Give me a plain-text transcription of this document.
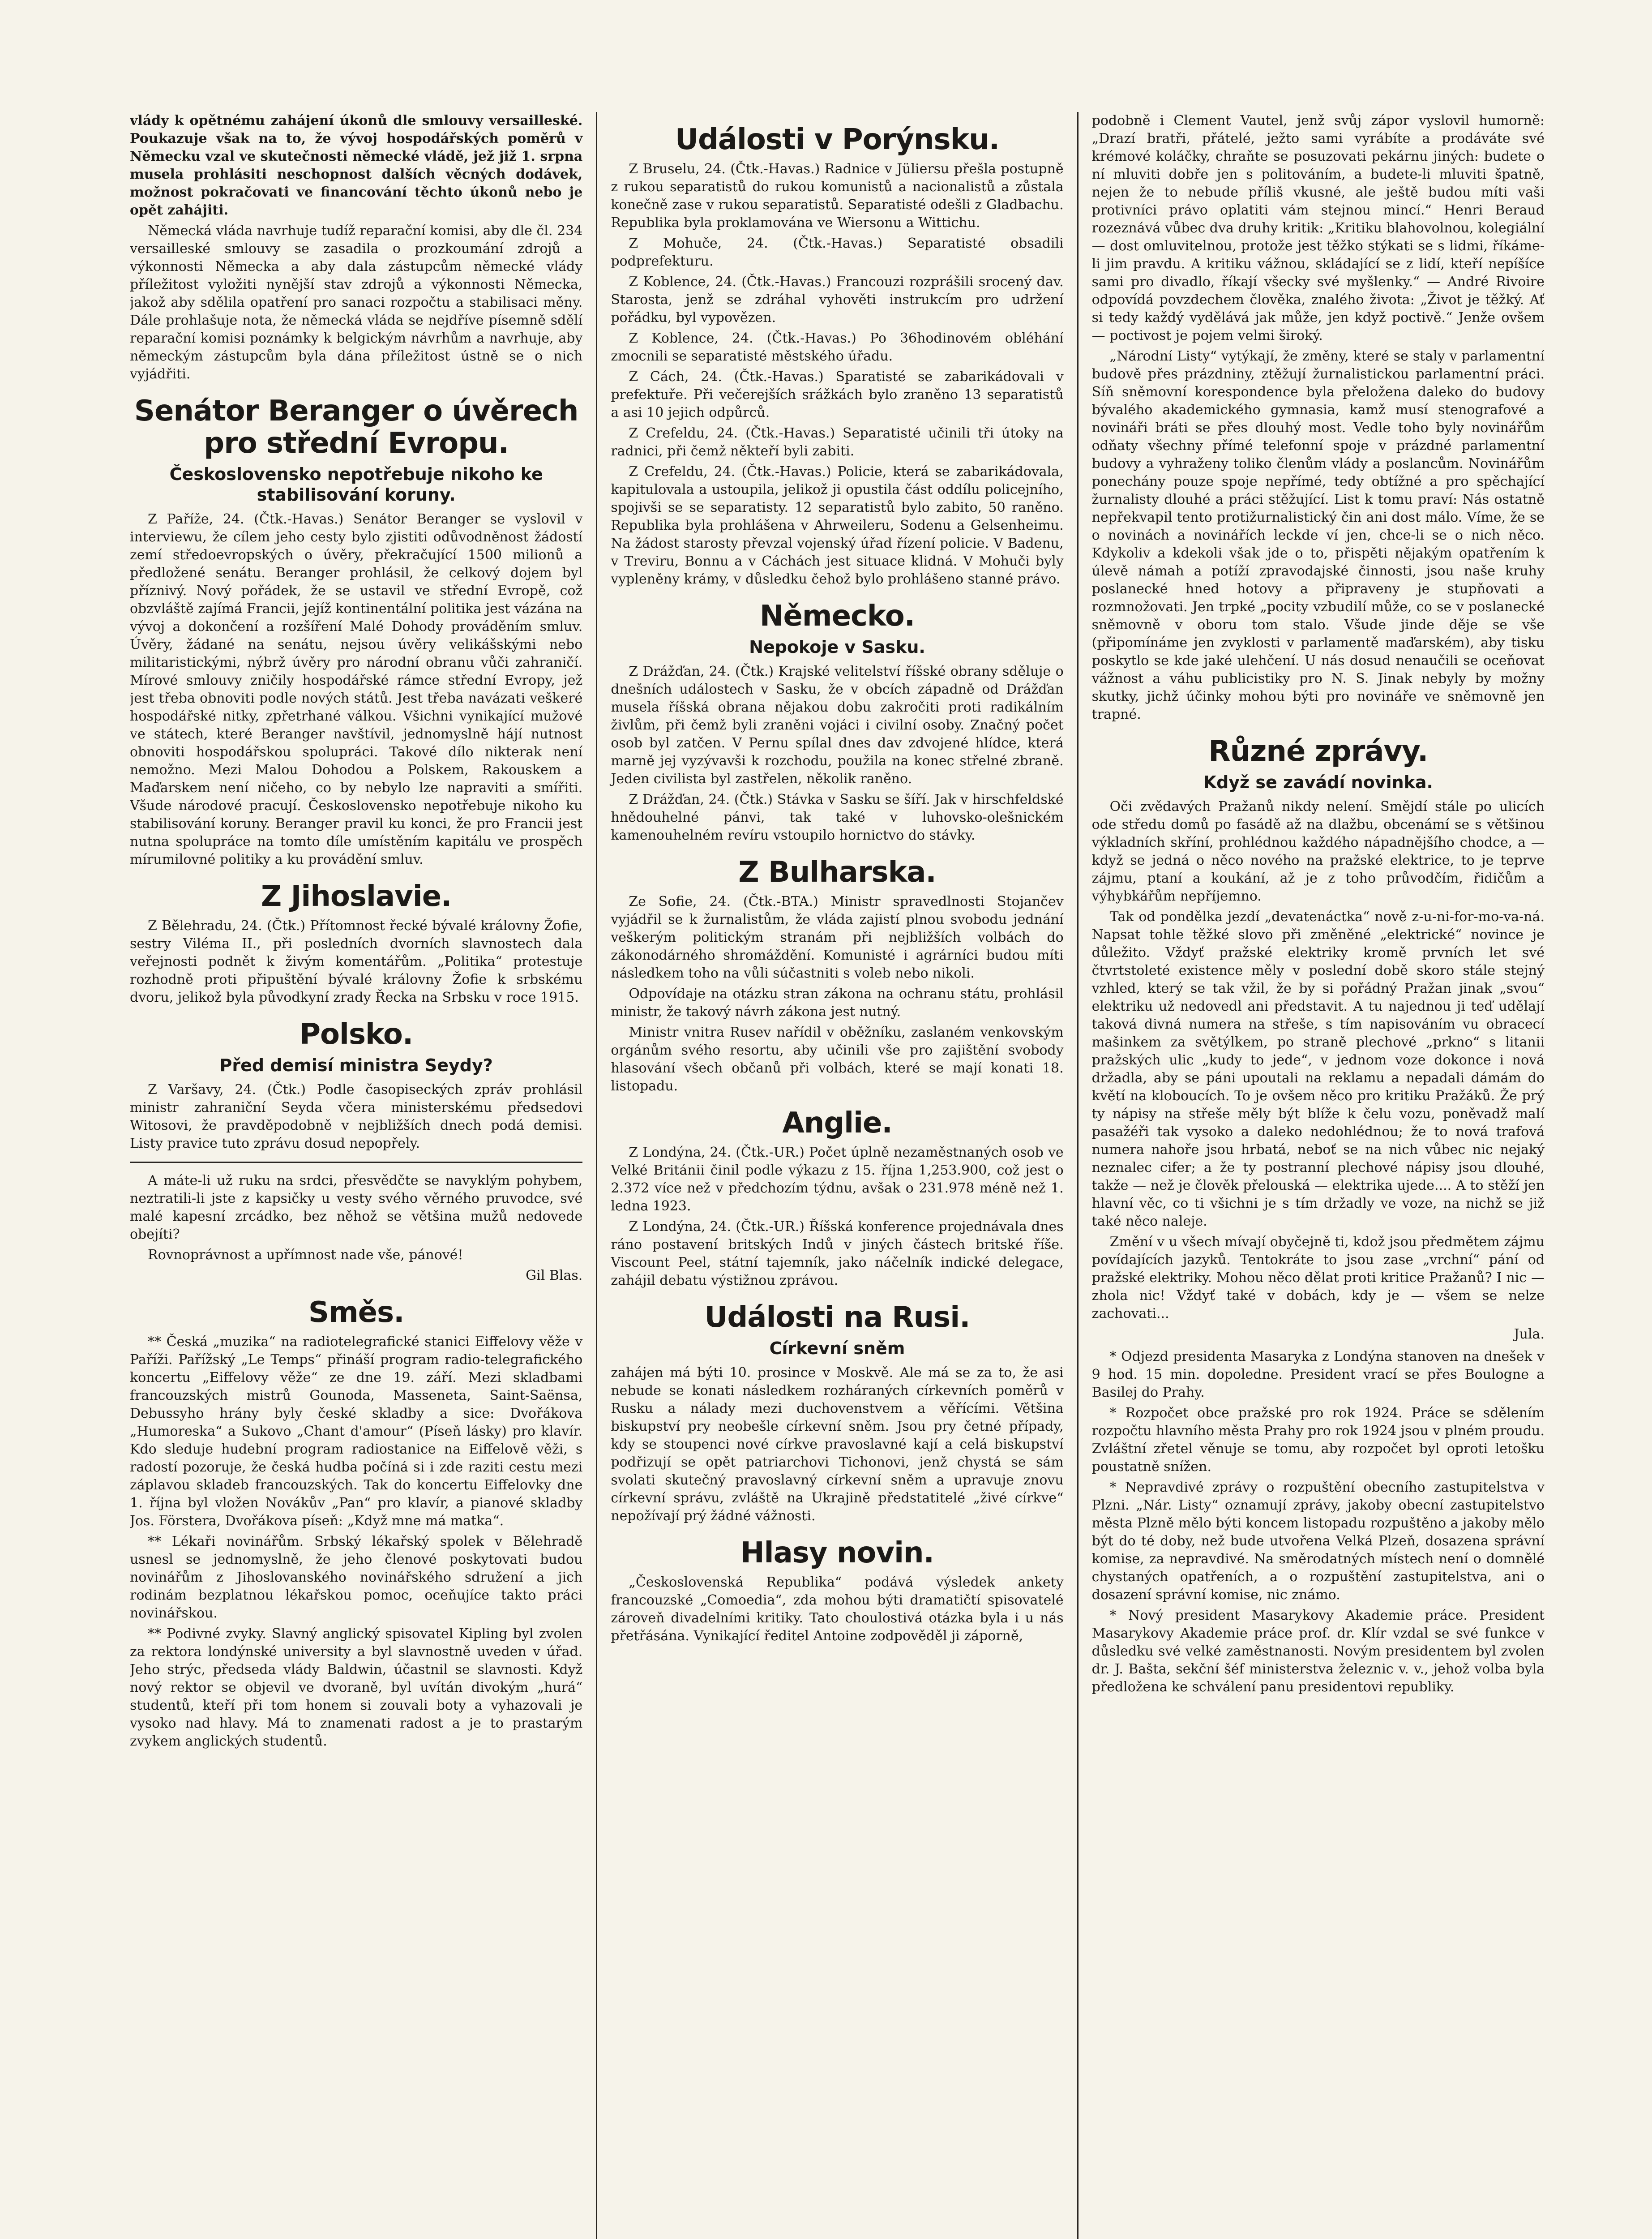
vlády k opětnému zahájení úkonů dle smlouvy versailleské. Poukazuje však na to, že vývoj hospodářských poměrů v Německu vzal ve skutečnosti německé vládě, jež již 1. srpna musela prohlásiti neschopnost dalších věcných dodávek, možnost pokračovati ve financování těchto úkonů nebo je opět zahájiti.

Německá vláda navrhuje tudíž reparační komisi, aby dle čl. 234 versailleské smlouvy se zasadila o prozkoumání zdrojů a výkonnosti Německa a aby dala zástupcům německé vlády příležitost vyložiti nynější stav zdrojů a výkonnosti Německa, jakož aby sdělila opatření pro sanaci rozpočtu a stabilisaci měny. Dále prohlašuje nota, že německá vláda se nejdříve písemně sdělí reparační komisi poznámky k belgickým návrhům a navrhuje, aby německým zástupcům byla dána příležitost ústně se o nich vyjádřiti.

Senátor Beranger o úvěrech pro střední Evropu.
Československo nepotřebuje nikoho ke stabilisování koruny.

Z Paříže, 24. (Čtk.-Havas.) Senátor Beranger se vyslovil v interviewu, že cílem jeho cesty bylo zjistiti odůvodněnost žádostí zemí středoevropských o úvěry, překračující 1500 milionů a předložené senátu. Beranger prohlásil, že celkový dojem byl příznivý. Nový pořádek, že se ustavil ve střední Evropě, což obzvláště zajímá Francii, jejíž kontinentální politika jest vázána na vývoj a dokončení a rozšíření Malé Dohody prováděním smluv. Úvěry, žádané na senátu, nejsou úvěry velikášskými nebo militaristickými, nýbrž úvěry pro národní obranu vůči zahraničí. Mírové smlouvy zničily hospodářské rámce střední Evropy, jež jest třeba obnoviti podle nových států. Jest třeba navázati veškeré hospodářské nitky, zpřetrhané válkou. Všichni vynikající mužové ve státech, které Beranger navštívil, jednomyslně hájí nutnost obnoviti hospodářskou spolupráci. Takové dílo nikterak není nemožno. Mezi Malou Dohodou a Polskem, Rakouskem a Maďarskem není ničeho, co by nebylo lze napraviti a smířiti. Všude národové pracují. Československo nepotřebuje nikoho ku stabilisování koruny. Beranger pravil ku konci, že pro Francii jest nutna spolupráce na tomto díle umístěním kapitálu ve prospěch mírumilovné politiky a ku provádění smluv.

Z Jihoslavie.

Z Bělehradu, 24. (Čtk.) Přítomnost řecké bývalé královny Žofie, sestry Viléma II., při posledních dvorních slavnostech dala veřejnosti podnět k živým komentářům. „Politika“ protestuje rozhodně proti připuštění bývalé královny Žofie k srbskému dvoru, jelikož byla původkyní zrady Řecka na Srbsku v roce 1915.

Polsko.
Před demisí ministra Seydy?

Z Varšavy, 24. (Čtk.) Podle časopiseckých zpráv prohlásil ministr zahraniční Seyda včera ministerskému předsedovi Witosovi, že pravděpodobně v nejbližších dnech podá demisi. Listy pravice tuto zprávu dosud nepopřely.

A máte-li už ruku na srdci, přesvědčte se navyklým pohybem, neztratili-li jste z kapsičky u vesty svého věrného pruvodce, své malé kapesní zrcádko, bez něhož se většina mužů nedovede obejíti?

Rovnoprávnost a upřímnost nade vše, pánové!

Gil Blas.
Směs.

** Česká „muzika“ na radiotelegrafické stanici Eiffelovy věže v Paříži. Pařížský „Le Temps“ přináší program radio-telegrafického koncertu „Eiffelovy věže“ ze dne 19. září. Mezi skladbami francouzských mistrů Gounoda, Masseneta, Saint-Saënsa, Debussyho hrány byly české skladby a sice: Dvořákova „Humoreska“ a Sukovo „Chant d'amour“ (Píseň lásky) pro klavír. Kdo sleduje hudební program radiostanice na Eiffelově věži, s radostí pozoruje, že česká hudba počíná si i zde raziti cestu mezi záplavou skladeb francouzských. Tak do koncertu Eiffelovky dne 1. října byl vložen Novákův „Pan“ pro klavír, a pianové skladby Jos. Förstera, Dvořákova píseň: „Když mne má matka“.

** Lékaři novinářům. Srbský lékařský spolek v Bělehradě usnesl se jednomyslně, že jeho členové poskytovati budou novinářům z Jihoslovanského novinářského sdružení a jich rodinám bezplatnou lékařskou pomoc, oceňujíce takto práci novinářskou.

** Podivné zvyky. Slavný anglický spisovatel Kipling byl zvolen za rektora londýnské university a byl slavnostně uveden v úřad. Jeho strýc, předseda vlády Baldwin, účastnil se slavnosti. Když nový rektor se objevil ve dvoraně, byl uvítán divokým „hurá“ studentů, kteří při tom honem si zouvali boty a vyhazovali je vysoko nad hlavy. Má to znamenati radost a je to prastarým zvykem anglických studentů.

Události v Porýnsku.

Z Bruselu, 24. (Čtk.-Havas.) Radnice v Jüliersu přešla postupně z rukou separatistů do rukou komunistů a nacionalistů a zůstala konečně zase v rukou separatistů. Separatisté odešli z Gladbachu. Republika byla proklamována ve Wiersonu a Wittichu.

Z Mohuče, 24. (Čtk.-Havas.) Separatisté obsadili podprefekturu.

Z Koblence, 24. (Čtk.-Havas.) Francouzi rozprášili srocený dav. Starosta, jenž se zdráhal vyhověti instrukcím pro udržení pořádku, byl vypovězen.

Z Koblence, 24. (Čtk.-Havas.) Po 36hodinovém obléhání zmocnili se separatisté městského úřadu.

Z Cách, 24. (Čtk.-Havas.) Sparatisté se zabarikádovali v prefektuře. Při večerejších srážkách bylo zraněno 13 separatistů a asi 10 jejich odpůrců.

Z Crefeldu, 24. (Čtk.-Havas.) Separatisté učinili tři útoky na radnici, při čemž někteří byli zabiti.

Z Crefeldu, 24. (Čtk.-Havas.) Policie, která se zabarikádovala, kapitulovala a ustoupila, jelikož ji opustila část oddílu policejního, spojivši se se separatisty. 12 separatistů bylo zabito, 50 raněno. Republika byla prohlášena v Ahrweileru, Sodenu a Gelsenheimu. Na žádost starosty převzal vojenský úřad řízení policie. V Badenu, v Treviru, Bonnu a v Cáchách jest situace klidná. V Mohuči byly vypleněny krámy, v důsledku čehož bylo prohlášeno stanné právo.

Německo.
Nepokoje v Sasku.

Z Drážďan, 24. (Čtk.) Krajské velitelství říšské obrany sděluje o dnešních událostech v Sasku, že v obcích západně od Drážďan musela říšská obrana nějakou dobu zakročiti proti radikálním živlům, při čemž byli zraněni vojáci i civilní osoby. Značný počet osob byl zatčen. V Pernu spílal dnes dav zdvojené hlídce, která marně jej vyzývavši k rozchodu, použila na konec střelné zbraně. Jeden civilista byl zastřelen, několik raněno.

Z Drážďan, 24. (Čtk.) Stávka v Sasku se šíří. Jak v hirschfeldské hnědouhelné pánvi, tak také v luhovsko-olešnickém kamenouhelném revíru vstoupilo hornictvo do stávky.

Z Bulharska.

Ze Sofie, 24. (Čtk.-BTA.) Ministr spravedlnosti Stojančev vyjádřil se k žurnalistům, že vláda zajistí plnou svobodu jednání veškerým politickým stranám při nejbližších volbách do zákonodárného shromáždění. Komunisté i agrárníci budou míti následkem toho na vůli súčastniti s voleb nebo nikoli.

Odpovídaje na otázku stran zákona na ochranu státu, prohlásil ministr, že takový návrh zákona jest nutný.

Ministr vnitra Rusev nařídil v oběžníku, zaslaném venkovským orgánům svého resortu, aby učinili vše pro zajištění svobody hlasování všech občanů při volbách, které se mají konati 18. listopadu.

Anglie.

Z Londýna, 24. (Čtk.-UR.) Počet úplně nezaměstnaných osob ve Velké Británii činil podle výkazu z 15. října 1,253.900, což jest o 2.372 více než v předchozím týdnu, avšak o 231.978 méně než 1. ledna 1923.

Z Londýna, 24. (Čtk.-UR.) Říšská konference projednávala dnes ráno postavení britských Indů v jiných částech britské říše. Viscount Peel, státní tajemník, jako náčelník indické delegace, zahájil debatu výstižnou zprávou.

Události na Rusi.
Církevní sněm

zahájen má býti 10. prosince v Moskvě. Ale má se za to, že asi nebude se konati následkem rozháraných církevních poměrů v Rusku a nálady mezi duchovenstvem a věřícími. Většina biskupství pry neobešle církevní sněm. Jsou pry četné případy, kdy se stoupenci nové církve pravoslavné kají a celá biskupství podřizují se opět patriarchovi Tichonovi, jenž chystá se sám svolati skutečný pravoslavný církevní sněm a upravuje znovu církevní správu, zvláště na Ukrajině předstatitelé „živé církve“ nepožívají prý žádné vážnosti.

Hlasy novin.

„Československá Republika“ podává výsledek ankety francouzské „Comoedia“, zda mohou býti dramatičtí spisovatelé zároveň divadelními kritiky. Tato choulostivá otázka byla i u nás přetřásána. Vynikající ředitel Antoine zodpověděl ji záporně,

podobně i Clement Vautel, jenž svůj zápor vyslovil humorně: „Drazí bratři, přátelé, ježto sami vyrábíte a prodáváte své krémové koláčky, chraňte se posuzovati pekárnu jiných: budete o ní mluviti dobře jen s politováním, a budete-li mluviti špatně, nejen že to nebude příliš vkusné, ale ještě budou míti vaši protivníci právo oplatiti vám stejnou mincí.“ Henri Beraud rozeznává vůbec dva druhy kritik: „Kritiku blahovolnou, kolegiální — dost omluvitelnou, protože jest těžko stýkati se s lidmi, říkáme-li jim pravdu. A kritiku vážnou, skládající se z lidí, kteří nepíšíce sami pro divadlo, říkají všecky své myšlenky.“ — André Rivoire odpovídá povzdechem člověka, znalého života: „Život je těžký. Ať si tedy každý vydělává jak může, jen když poctivě.“ Jenže ovšem — poctivost je pojem velmi široký.

„Národní Listy“ vytýkají, že změny, které se staly v parlamentní budově přes prázdniny, ztěžují žurnalistickou parlamentní práci. Síň sněmovní korespondence byla přeložena daleko do budovy bývalého akademického gymnasia, kamž musí stenografové a novináři bráti se přes dlouhý most. Vedle toho byly novinářům odňaty všechny přímé telefonní spoje v prázdné parlamentní budovy a vyhraženy toliko členům vlády a poslancům. Novinářům ponechány pouze spoje nepřímé, tedy obtížné a pro spěchající žurnalisty dlouhé a práci stěžující. List k tomu praví: Nás ostatně nepřekvapil tento protižurnalistický čin ani dost málo. Víme, že se o novinách a novinářích leckde ví jen, chce-li se o nich něco. Kdykoliv a kdekoli však jde o to, přispěti nějakým opatřením k úlevě námah a potíží zpravodajské činnosti, jsou naše kruhy poslanecké hned hotovy a připraveny je stupňovati a rozmnožovati. Jen trpké „pocity vzbudilí může, co se v poslanecké sněmovně v oboru tom stalo. Všude jinde děje se vše (připomínáme jen zvyklosti v parlamentě maďarském), aby tisku poskytlo se kde jaké ulehčení. U nás dosud nenaučili se oceňovat vážnost a váhu publicistiky pro N. S. Jinak nebyly by možny skutky, jichž účinky mohou býti pro novináře ve sněmovně jen trapné.

Různé zprávy.
Když se zavádí novinka.

Oči zvědavých Pražanů nikdy nelení. Smějdí stále po ulicích ode středu domů po fasádě až na dlažbu, obcenámí se s většinou výkladních skříní, prohlédnou každého nápadnějšího chodce, a — když se jedná o něco nového na pražské elektrice, to je teprve zájmu, ptaní a koukání, až je z toho průvodčím, řidičům a výhybkářům nepříjemno.

Tak od pondělka jezdí „devatenáctka“ nově z-u-ni-for-mo-va-ná. Napsat tohle těžké slovo při změněné „elektrické“ novince je důležito. Vždyť pražské elektriky kromě prvních let své čtvrtstoleté existence měly v poslední době skoro stále stejný vzhled, který se tak vžil, že by si pořádný Pražan jinak „svou“ elektriku už nedovedl ani představit. A tu najednou ji teď udělají taková divná numera na střeše, s tím napisováním vu obracecí mašinkem za světýlkem, po straně plechové „prkno“ s litanii pražských ulic „kudy to jede“, v jednom voze dokonce i nová držadla, aby se páni upoutali na reklamu a nepadali dámám do květí na kloboucích. To je ovšem něco pro kritiku Pražáků. Že prý ty nápisy na střeše měly být blíže k čelu vozu, poněvadž malí pasažéři tak vysoko a daleko nedohlédnou; že to nová trafová numera nahoře jsou hrbatá, neboť se na nich vůbec nic nejaký neznalec cifer; a že ty postranní plechové nápisy jsou dlouhé, takže — než je člověk přelouská — elektrika ujede.... A to stěží jen hlavní věc, co ti všichni je s tím držadly ve voze, na nichž se již také něco naleje.

Změní v u všech mívají obyčejně ti, kdož jsou předmětem zájmu povídajících jazyků. Tentokráte to jsou zase „vrchní“ pání od pražské elektriky. Mohou něco dělat proti kritice Pražanů? I nic — zhola nic! Vždyť také v dobách, kdy je — všem se nelze zachovati...

Jula.

* Odjezd presidenta Masaryka z Londýna stanoven na dnešek v 9 hod. 15 min. dopoledne. President vrací se přes Boulogne a Basilej do Prahy.

* Rozpočet obce pražské pro rok 1924. Práce se sdělením rozpočtu hlavního města Prahy pro rok 1924 jsou v plném proudu. Zvláštní zřetel věnuje se tomu, aby rozpočet byl oproti letošku poustatně snížen.

* Nepravdivé zprávy o rozpuštění obecního zastupitelstva v Plzni. „Nár. Listy“ oznamují zprávy, jakoby obecní zastupitelstvo města Plzně mělo býti koncem listopadu rozpuštěno a jakoby mělo být do té doby, než bude utvořena Velká Plzeň, dosazena správní komise, za nepravdivé. Na směrodatných místech není o domnělé chystaných opatřeních, a o rozpuštění zastupitelstva, ani o dosazení správní komise, nic známo.

* Nový president Masarykovy Akademie práce. President Masarykovy Akademie práce prof. dr. Klír vzdal se své funkce v důsledku své velké zaměstnanosti. Novým presidentem byl zvolen dr. J. Bašta, sekční šéf ministerstva železnic v. v., jehož volba byla předložena ke schválení panu presidentovi republiky.
